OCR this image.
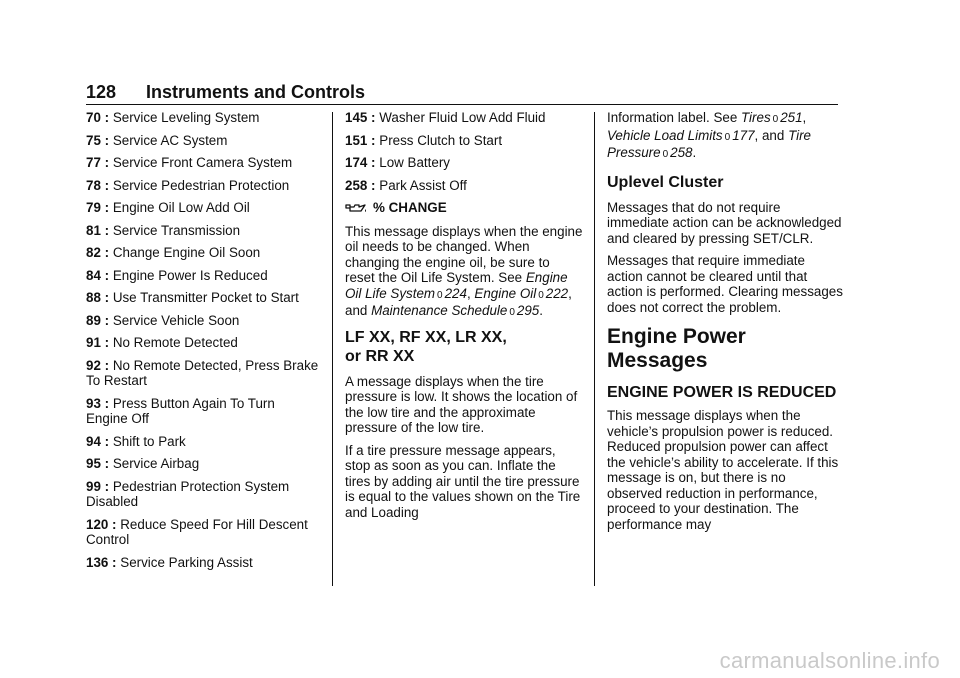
128	Instruments and Controls
70 : Service Leveling System
75 : Service AC System
77 : Service Front Camera System
78 : Service Pedestrian Protection
79 : Engine Oil Low Add Oil
81 : Service Transmission
82 : Change Engine Oil Soon
84 : Engine Power Is Reduced
88 : Use Transmitter Pocket to Start
89 : Service Vehicle Soon
91 : No Remote Detected
92 : No Remote Detected, Press Brake To Restart
93 : Press Button Again To Turn Engine Off
94 : Shift to Park
95 : Service Airbag
99 : Pedestrian Protection System Disabled
120 : Reduce Speed For Hill Descent Control
136 : Service Parking Assist
145 : Washer Fluid Low Add Fluid
151 : Press Clutch to Start
174 : Low Battery
258 : Park Assist Off
% CHANGE

This message displays when the engine oil needs to be changed. When changing the engine oil, be sure to reset the Oil Life System. See Engine Oil Life System 0 224, Engine Oil 0 222, and Maintenance Schedule 0 295.

LF XX, RF XX, LR XX,
or RR XX

A message displays when the tire pressure is low. It shows the location of the low tire and the approximate pressure of the low tire.

If a tire pressure message appears, stop as soon as you can. Inflate the tires by adding air until the tire pressure is equal to the values shown on the Tire and Loading

Information label. See Tires 0 251, Vehicle Load Limits 0 177, and Tire Pressure 0 258.

Uplevel Cluster

Messages that do not require immediate action can be acknowledged and cleared by pressing SET/CLR.

Messages that require immediate action cannot be cleared until that action is performed. Clearing messages does not correct the problem.

Engine Power Messages
ENGINE POWER IS REDUCED

This message displays when the vehicle’s propulsion power is reduced. Reduced propulsion power can affect the vehicle’s ability to accelerate. If this message is on, but there is no observed reduction in performance, proceed to your destination. The performance may

carmanualsonline.info
